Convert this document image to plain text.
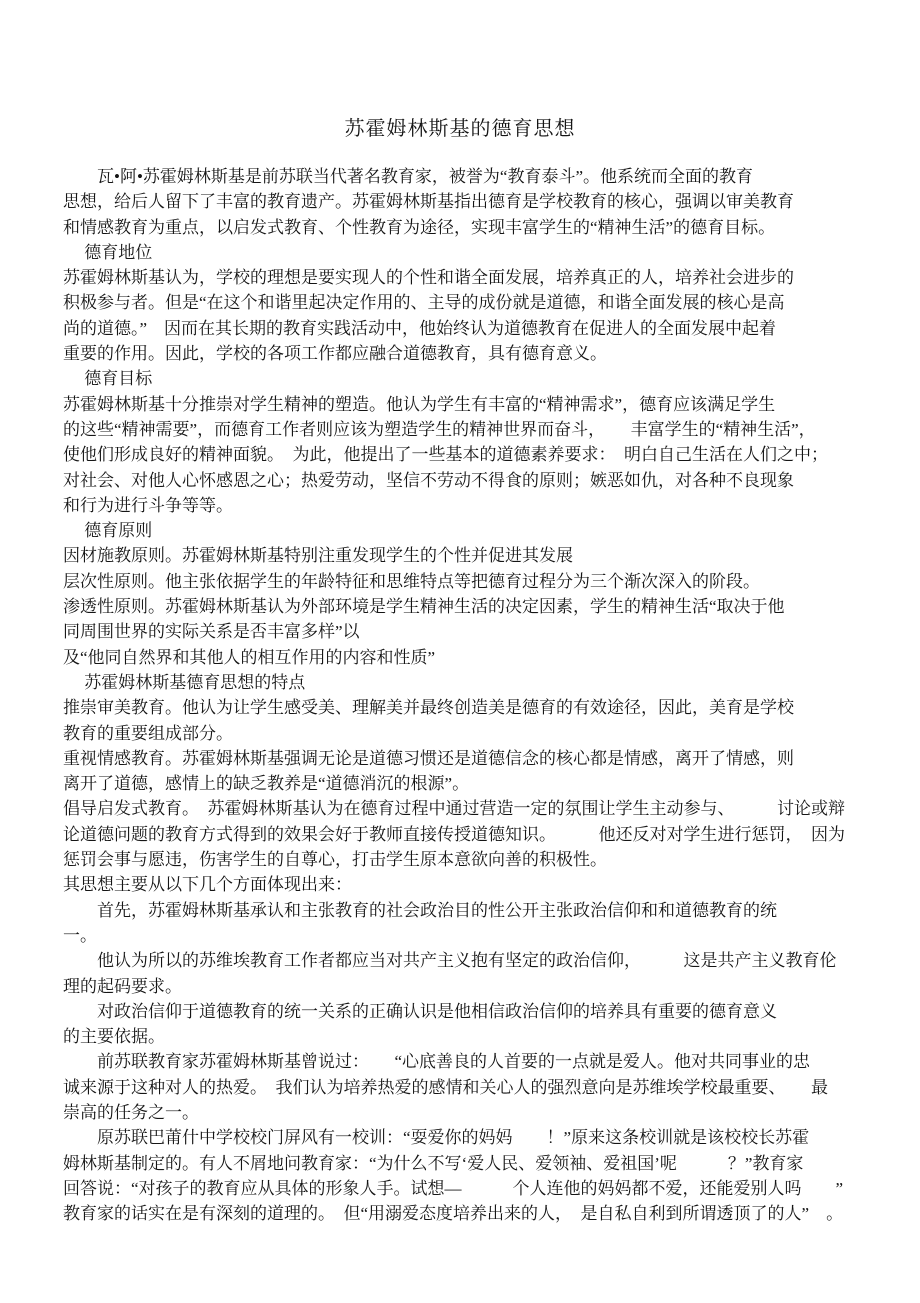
苏霍姆林斯基的德育思想
　　瓦•阿•苏霍姆林斯基是前苏联当代著名教育家，被誉为“教育泰斗”。他系统而全面的教育
思想，给后人留下了丰富的教育遗产。苏霍姆林斯基指出德育是学校教育的核心，强调以审美教育
和情感教育为重点，以启发式教育、个性教育为途径，实现丰富学生的“精神生活”的德育目标。
　 德育地位
苏霍姆林斯基认为，学校的理想是要实现人的个性和谐全面发展，培养真正的人，培养社会进步的
积极参与者。但是“在这个和谐里起决定作用的、主导的成份就是道德，和谐全面发展的核心是高
尚的道德。”　因而在其长期的教育实践活动中，他始终认为道德教育在促进人的全面发展中起着
重要的作用。因此，学校的各项工作都应融合道德教育，具有德育意义。
　 德育目标
苏霍姆林斯基十分推崇对学生精神的塑造。他认为学生有丰富的“精神需求”，德育应该满足学生
的这些“精神需要”，而德育工作者则应该为塑造学生的精神世界而奋斗，　　丰富学生的“精神生活”，
使他们形成良好的精神面貌。　为此，他提出了一些基本的道德素养要求：　明白自己生活在人们之中；
对社会、对他人心怀感恩之心；热爱劳动，坚信不劳动不得食的原则；嫉恶如仇，对各种不良现象
和行为进行斗争等等。
　 德育原则
因材施教原则。苏霍姆林斯基特别注重发现学生的个性并促进其发展
层次性原则。他主张依据学生的年龄特征和思维特点等把德育过程分为三个渐次深入的阶段。
渗透性原则。苏霍姆林斯基认为外部环境是学生精神生活的决定因素，学生的精神生活“取决于他
同周围世界的实际关系是否丰富多样”以
及“他同自然界和其他人的相互作用的内容和性质”
　 苏霍姆林斯基德育思想的特点
推崇审美教育。他认为让学生感受美、理解美并最终创造美是德育的有效途径，因此，美育是学校
教育的重要组成部分。
重视情感教育。苏霍姆林斯基强调无论是道德习惯还是道德信念的核心都是情感，离开了情感，则
离开了道德，感情上的缺乏教养是“道德消沉的根源”。
倡导启发式教育。　苏霍姆林斯基认为在德育过程中通过营造一定的氛围让学生主动参与、　　　讨论或辩
论道德问题的教育方式得到的效果会好于教师直接传授道德知识。　　　他还反对对学生进行惩罚，　因为
惩罚会事与愿违，伤害学生的自尊心，打击学生原本意欲向善的积极性。
其思想主要从以下几个方面体现出来：
　　首先，苏霍姆林斯基承认和主张教育的社会政治目的性公开主张政治信仰和和道德教育的统
一。
　　他认为所以的苏维埃教育工作者都应当对共产主义抱有坚定的政治信仰，　　　这是共产主义教育伦
理的起码要求。
　　对政治信仰于道德教育的统一关系的正确认识是他相信政治信仰的培养具有重要的德育意义
的主要依据。
　　前苏联教育家苏霍姆林斯基曾说过：　　“心底善良的人首要的一点就是爱人。他对共同事业的忠
诚来源于这种对人的热爱。　我们认为培养热爱的感情和关心人的强烈意向是苏维埃学校最重要、　　最
崇高的任务之一。
　　原苏联巴莆什中学校校门屏风有一校训：“耍爱你的妈妈　　！”原来这条校训就是该校校长苏霍
姆林斯基制定的。有人不屑地问教育家：“为什么不写‘爱人民、爱领袖、爱祖国’呢　　　？”教育家
回答说：“对孩子的教育应从具体的形象人手。试想—　　　个人连他的妈妈都不爱，还能爱别人吗　　”
教育家的话实在是有深刻的道理的。　但“用溺爱态度培养出来的人，　是自私自利到所谓透顶了的人”　。
